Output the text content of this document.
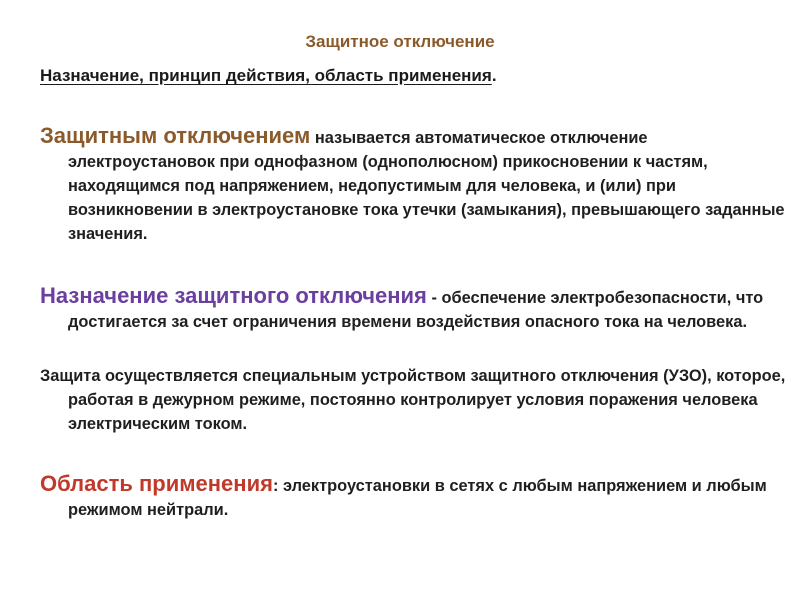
Защитное отключение
Назначение, принцип действия, область применения.
Защитным отключением называется автоматическое отключение электроустановок при однофазном (однополюсном) прикосновении к частям, находящимся под напряжением, недопустимым для человека, и (или) при возникновении в электроустановке тока утечки (замыкания), превышающего заданные значения.
Назначение защитного отключения - обеспечение электробезопасности, что достигается за счет ограничения времени воздействия опасного тока на человека.
Защита осуществляется специальным устройством защитного отключения (УЗО), которое, работая в дежурном режиме, постоянно контролирует условия поражения человека электрическим током.
Область применения: электроустановки в сетях с любым напряжением и любым режимом нейтрали.
